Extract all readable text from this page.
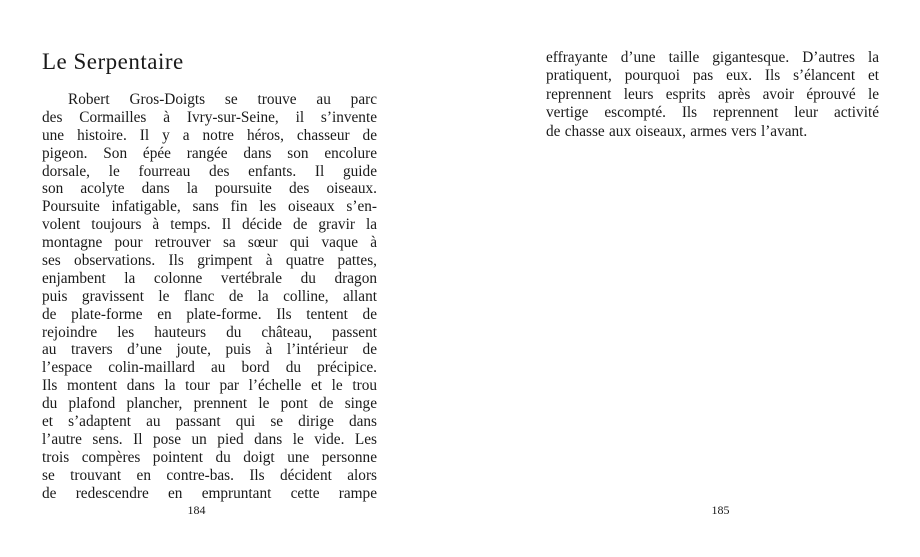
Le Serpentaire
Robert Gros-Doigts se trouve au parc
des Cormailles à Ivry-sur-Seine, il s’invente
une histoire. Il y a notre héros, chasseur de
pigeon. Son épée rangée dans son encolure
dorsale, le fourreau des enfants. Il guide
son acolyte dans la poursuite des oiseaux.
Poursuite infatigable, sans fin les oiseaux s’en-
volent toujours à temps. Il décide de gravir la
montagne pour retrouver sa sœur qui vaque à
ses observations. Ils grimpent à quatre pattes,
enjambent la colonne vertébrale du dragon
puis gravissent le flanc de la colline, allant
de plate-forme en plate-forme. Ils tentent de
rejoindre les hauteurs du château, passent
au travers d’une joute, puis à l’intérieur de
l’espace colin-maillard au bord du précipice.
Ils montent dans la tour par l’échelle et le trou
du plafond plancher, prennent le pont de singe
et s’adaptent au passant qui se dirige dans
l’autre sens. Il pose un pied dans le vide. Les
trois compères pointent du doigt une personne
se trouvant en contre-bas. Ils décident alors
de redescendre en empruntant cette rampe
184
effrayante d’une taille gigantesque. D’autres la
pratiquent, pourquoi pas eux. Ils s’élancent et
reprennent leurs esprits après avoir éprouvé le
vertige escompté. Ils reprennent leur activité
de chasse aux oiseaux, armes vers l’avant.
185
